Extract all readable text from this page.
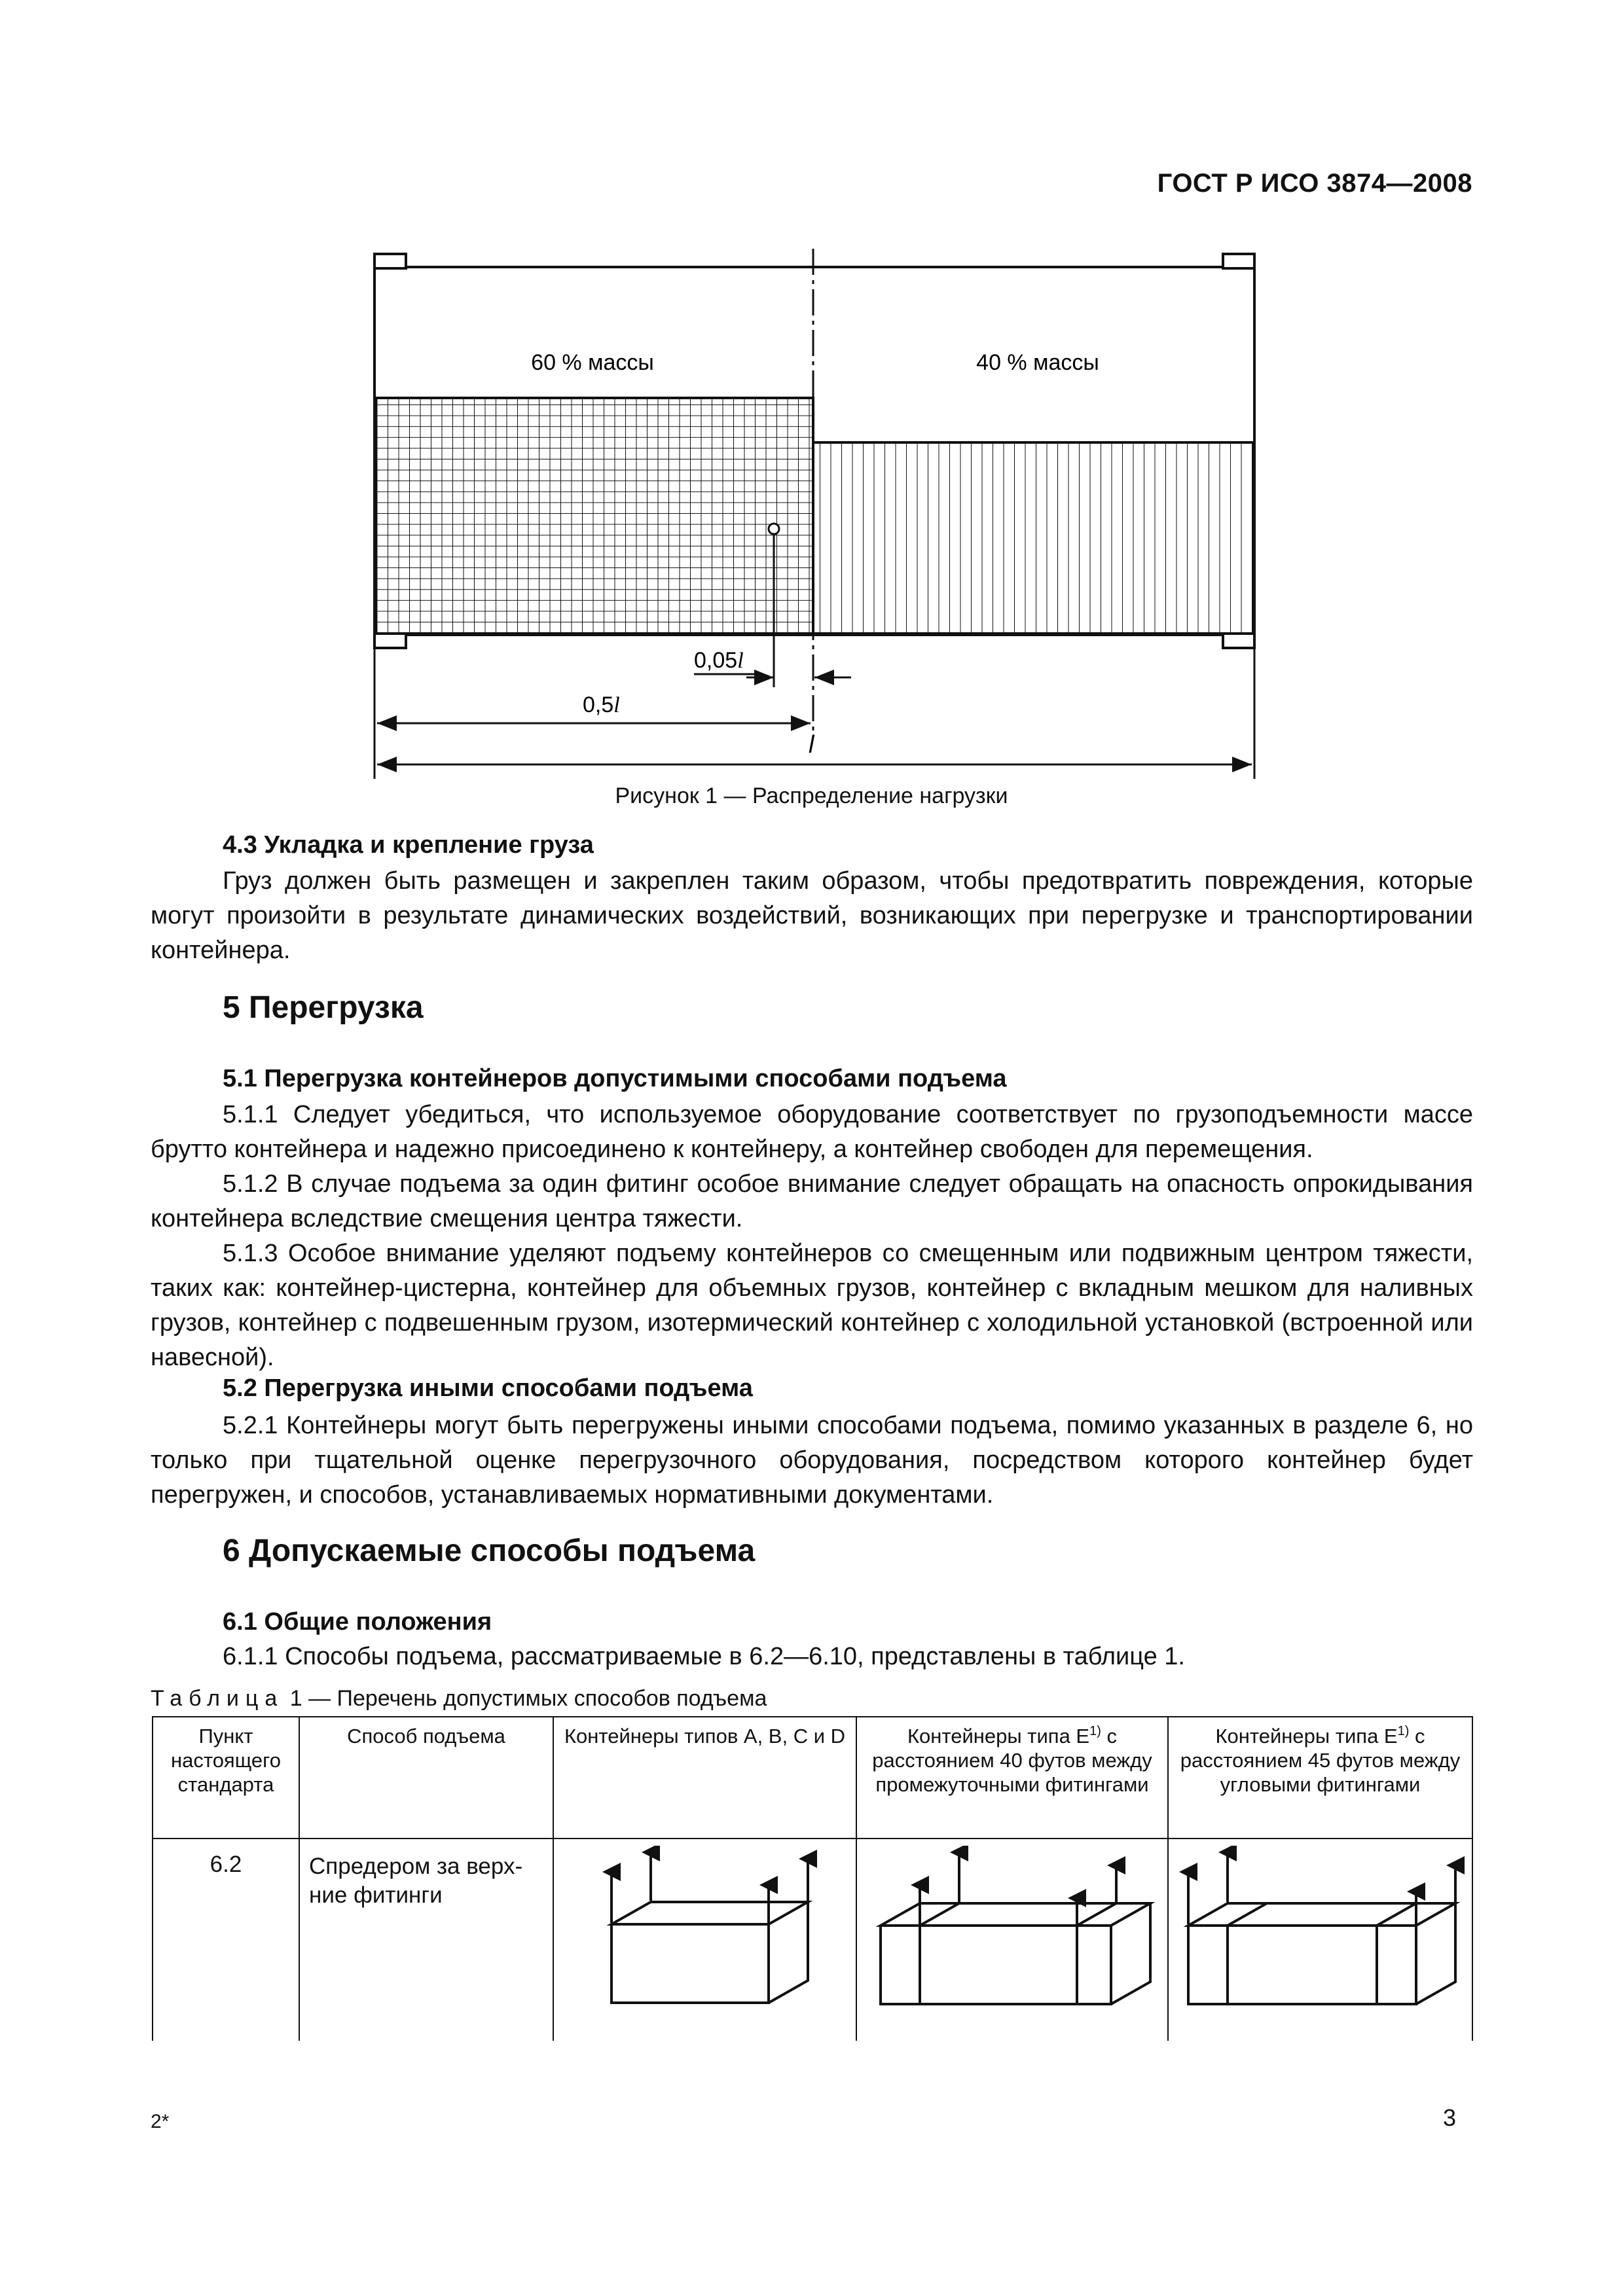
ГОСТ Р ИСО 3874—2008
60 % массы	40 % массы
0,05l
0,5l
l
Рисунок 1 — Распределение нагрузки
4.3 Укладка и крепление груза
Груз должен быть размещен и закреплен таким образом, чтобы предотвратить повреждения, которые могут произойти в результате динамических воздействий, возникающих при перегрузке и транспортировании контейнера.
5 Перегрузка
5.1 Перегрузка контейнеров допустимыми способами подъема
5.1.1 Следует убедиться, что используемое оборудование соответствует по грузоподъемности массе брутто контейнера и надежно присоединено к контейнеру, а контейнер свободен для перемещения.
5.1.2 В случае подъема за один фитинг особое внимание следует обращать на опасность опрокидывания контейнера вследствие смещения центра тяжести.
5.1.3 Особое внимание уделяют подъему контейнеров со смещенным или подвижным центром тяжести, таких как: контейнер-цистерна, контейнер для объемных грузов, контейнер с вкладным мешком для наливных грузов, контейнер с подвешенным грузом, изотермический контейнер с холодильной установкой (встроенной или навесной).
5.2 Перегрузка иными способами подъема
5.2.1 Контейнеры могут быть перегружены иными способами подъема, помимо указанных в разделе 6, но только при тщательной оценке перегрузочного оборудования, посредством которого контейнер будет перегружен, и способов, устанавливаемых нормативными документами.
6 Допускаемые способы подъема
6.1 Общие положения
6.1.1 Способы подъема, рассматриваемые в 6.2—6.10, представлены в таблице 1.
Таблица 1 — Перечень допустимых способов подъема
Пункт настоящего стандарта	Способ подъема	Контейнеры типов A, B, C и D	Контейнеры типа $E^{1)}$ с расстоянием 40 футов между промежуточными фитингами	Контейнеры типа $E^{1)}$ с расстоянием 45 футов между угловыми фитингами
6.2	Спредером за верх-ние фитинги			
2*	3
